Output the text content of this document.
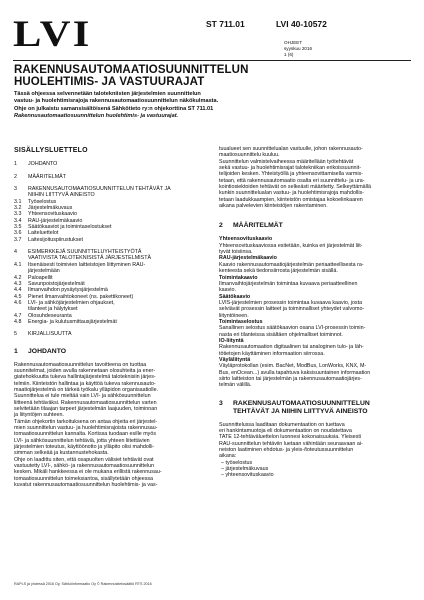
LVI	ST 711.01	LVI 40-10572
OHJEET
syyskuu 2016
1 (6)
RAKENNUSAUTOMAATIOSUUNNITTELUN
HUOLEHTIMIS- JA VASTUURAJAT
Tässä ohjeessa selvennetään talotekniisten järjestelmien suunnittelun
vastuu- ja huolehtimisrajoja rakennusautomaatiosuunnittelun näkökulmasta.
Ohje on julkaistu samansisältöisenä Sähkötieto ry:n ohjekorttina ST 711.01
Rakennusautomaatiosuunnittelun huolehtimis- ja vastuurajat.
SISÄLLYSLUETTELO
1	JOHDANTO
2	MÄÄRITELMÄT
3	RAKENNUSAUTOMAATIOSUUNNITTELUN TEHTÄVÄT JA
NIIHIN LIITTYVÄ AINEISTO
3.1	Työselostus
3.2	Järjestelmäkuvaus
3.3	Yhteensovituskaavio
3.4	RAU-järjestelmäkaavio
3.5	Säätökaaviot ja toimintaselostukset
3.6	Laiteluettelot
3.7	Laitesijoituspiirustukset
4	ESIMERKKEJÄ SUUNNITTELUYHTEISTYÖTÄ
VAATIVISTA TALOTEKNISISTÄ JÄRJESTELMISTÄ
4.1	Itsenäisesti toimivien laitteistojen liittyminen RAU-
järjestelmään
4.2	Paloapellit
4.3	Savunpoistojärjestelmät
4.4	Ilmanvaihdon pysäytysjärjestelmä
4.5	Pienet ilmanvaihtokoneet (ns. pakettikoneet)
4.6	LVI- ja sähköjärjestelmien ohjaukset,
tilanteet ja hälytykset
4.7	Olosuhdeseuranta
4.8	Energia- ja kulutusmittausjärjestelmät
5	KIRJALLISUUTTA
1	JOHDANTO
Rakennusautomaatiosuunnittelun tavoitteena on tuottaa
suunnitelmat, joiden avulla rakennetaan olosuhteita ja ener-
giatehokkuutta tukeva hallintajärjestelmä taloteknisiin järjes-
telmiin. Kiinteistön hallintaa ja käyttöä tukeva rakennusauto-
maatiojärjestelmä on tärkeä työkalu ylläpidon organisaatiolle.
Suunnittelua ei tule mieltää vain LVI- ja sähkösuunnittelun
liitteenä tehtäväksi. Rakennusautomaatiosuunnittelun varten
selvitetään tilaajan tarpeet järjestelmän laajuuden, toiminnan
ja liityntöjen suhteen.
Tämän ohjekortin tarkoituksena on antaa ohjeita eri järjestel-
mien suunnittelun vastuu- ja huolehtimisrajoista rakennusau-
tomaatiosuunnittelun kannalta. Kortissa tuodaan esille myös
LVI- ja sähkösuunnittelun tehtäviä, jotta yhteen liitettävien
järjestelmien toteutus, käyttöönotto ja ylläpito olisi mahdolli-
simman selkeää ja kustannustehokasta.
Ohje on laadittu siten, että osapuolten välisiet tehtävät ovat
vastuutetty LVI-, sähkö- ja rakennusautomaatiosuunnittelun
kesken. Mikäli hankkeessa ei ole mukana erillistä rakennusau-
tomaatiosuunnittelun toimeksiantoa, sisällytetään ohjeessa
kuvatut rakennusautomaatiosuunnittelun huolehtimis- ja vas-
tuualueet sen suunnittelualan vastuulle, johon rakennusauto-
maatiosuunnittelu kuuluu.
Suunnittelun valmistelvaiheessa määritellään työtehtävät
sekä vastuu- ja huolehtimisrajat talotekniikan erikoissuunnit-
telijoiden kesken. Yhteistyöllä ja yhteensovittamisella varmis-
tetaan, että rakennusautomaatio osalta eri suunnittelu- ja ura-
kointiosiektoiden tehtävät on selkeästi määritetty. Selkeyttämällä
kunkin suunnittelualan vastuu- ja huolehtimisrajoja mahdollis-
tetaan laadukkaampien, kiinteistön omistajaa kokoelinkaaren
aikana palvelevien kiinteistöjen rakentaminen.
2	MÄÄRITELMÄT
Yhteensovituskaavio
Yhteensovituskaaviossa esitetään, kuinka eri järjestelmät liit-
tyvät toisiinsa.
RAU-järjestelmäkaavio
Kaavio rakennusautomaatiojärjestelmän periaatteellisesta ra-
kenteesta sekä tiedonsiirrosta järjestelmän sisällä.
Toimintakaavio
Ilmanvaihtojärjestelmän toimintaa kuvaava periaatteellinen
kaavio.
Säätökaavio
LVIS-järjestelmien prosessin toimintaa kuvaava kaavio, josta
selviävät prosessin laitteet ja toiminnalliset yhteydet valvomo-
liityntöineen.
Toimintaselostus
Sanallinen selostus säätökaavion osana LVI-prosessin toimin-
nasta eri tilanteissa sisältäen ohjelmalliset toiminnot.
IO-liityntä
Rakennusautomaation digitaalinen tai analoginen tulo- ja läh-
tötietojen käyttäminen informaation siirrossa.
Väyläliityntä
Väyläprotokollan (esim. BacNet, ModBus, LonWorks, KNX, M-
Bus, enOcean...) avulla tapahtuva kaksisuuntainen informaation
siirto laitteiston tai järjestelmän ja rakennusautomaatiojärjes-
telmän välillä.
3	RAKENNUSAUTOMAATIOSUUNNITTELUN
TEHTÄVÄT JA NIIHIN LIITTYVÄ AINEISTO
Suunnittelussa laaditaan dokumentaation on tuettava
eri hankintamuotoja eli dokumentaation on noudatettava
TATE 12-tehtäväluettelon luonnesi kokonaisuuksia. Yleisesti
RAU-suunnittelun tehtäviin luetaan vähintään seuraavaan ai-
neiston laatiminen ehdotus- ja yleis-/toteutussuunnittelun
aikana:
– työselostus
– järjestelmäkuvaus
– yhteensovituskaavio
RAPLS ja yhdessä 2016 Oy, Sähköinformaatio Oy © Rakennustietosäätiö RTS 2016
